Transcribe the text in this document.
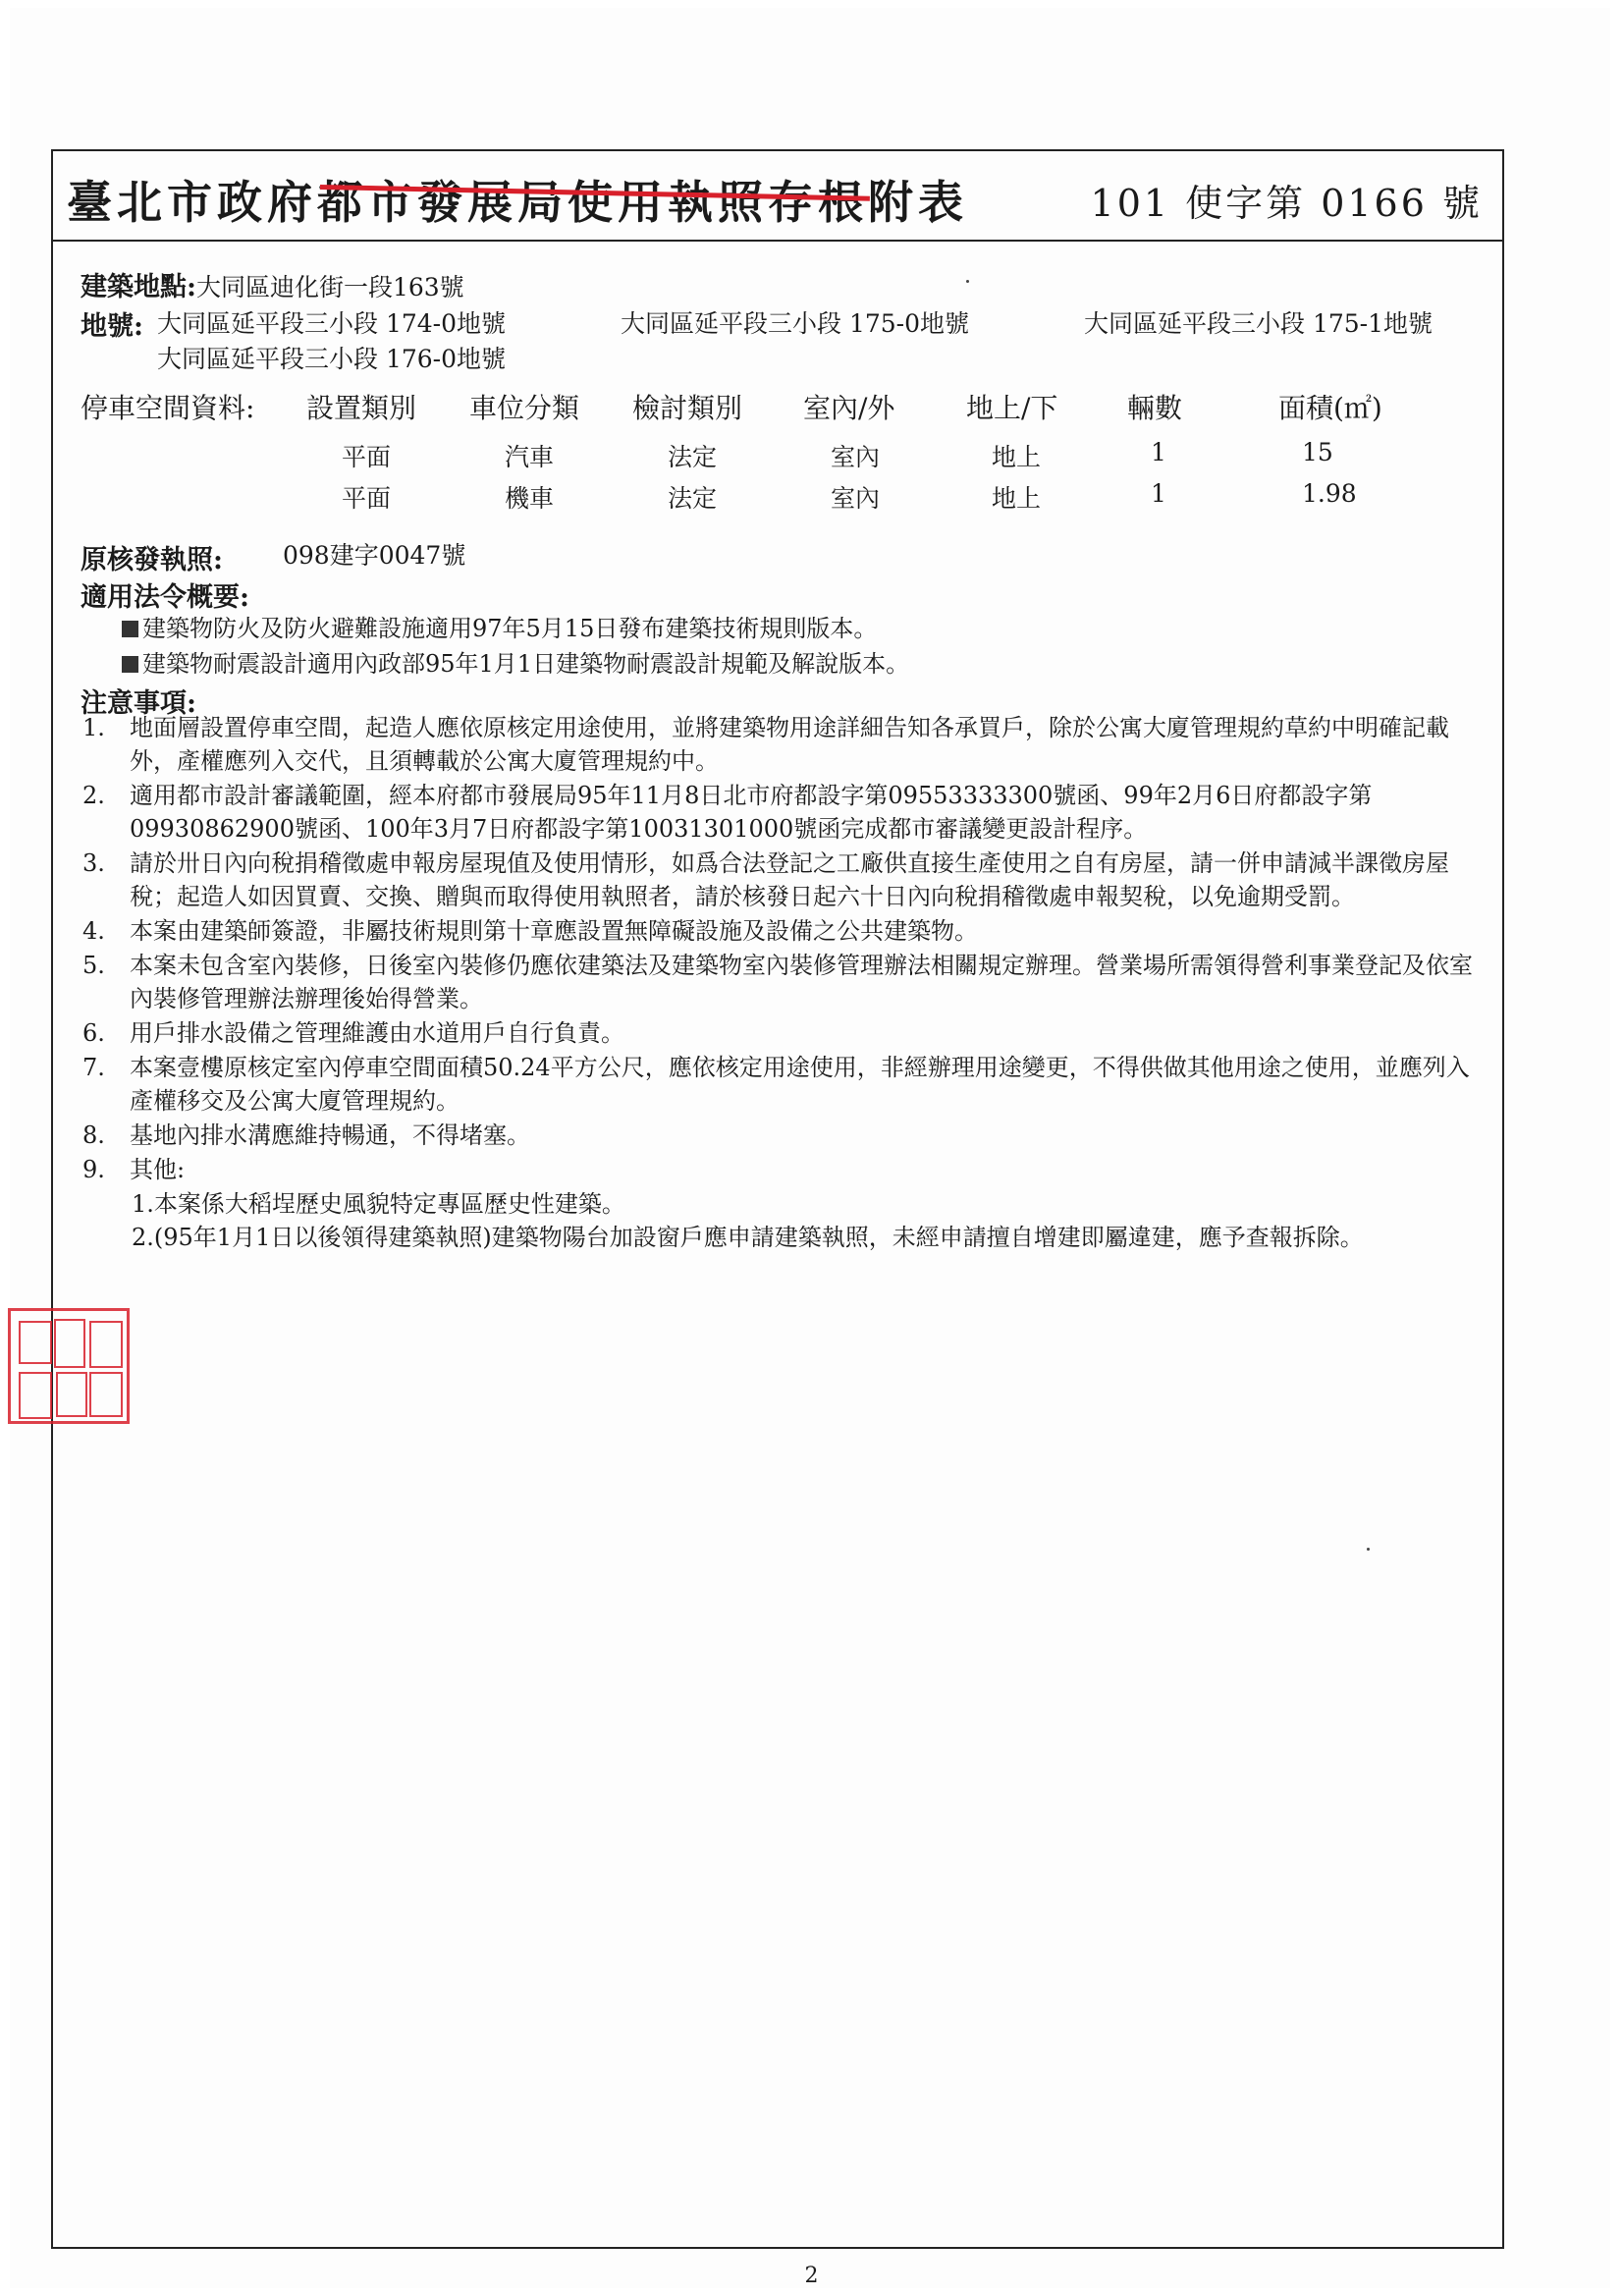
臺北市政府都市發展局使用執照存根附表	101 使字第 0166 號
建築地點:大同區迪化街一段163號
地號: 大同區延平段三小段 174-0地號	大同區延平段三小段 175-0地號	大同區延平段三小段 175-1地號
大同區延平段三小段 176-0地號
停車空間資料: 設置類別 車位分類 檢討類別 室內/外	地上/下	輛數	面積(㎡)
平面	汽車	法定	室內	地上	1	15
平面	機車	法定	室內	地上	1	1.98
原核發執照: 098建字0047號
適用法令概要:
建築物防火及防火避難設施適用97年5月15日發布建築技術規則版本。
建築物耐震設計適用內政部95年1月1日建築物耐震設計規範及解說版本。
注意事項:
1.	地面層設置停車空間，起造人應依原核定用途使用，並將建築物用途詳細告知各承買戶，除於公寓大廈管理規約草約中明確記載外，產權應列入交代，且須轉載於公寓大廈管理規約中。
2.	適用都市設計審議範圍，經本府都市發展局95年11月8日北市府都設字第09553333300號函、99年2月6日府都設字第09930862900號函、100年3月7日府都設字第10031301000號函完成都市審議變更設計程序。
3.	請於卅日內向稅捐稽徵處申報房屋現值及使用情形，如爲合法登記之工廠供直接生產使用之自有房屋，請一併申請減半課徵房屋稅；起造人如因買賣、交換、贈與而取得使用執照者，請於核發日起六十日內向稅捐稽徵處申報契稅，以免逾期受罰。
4.	本案由建築師簽證，非屬技術規則第十章應設置無障礙設施及設備之公共建築物。
5.	本案未包含室內裝修，日後室內裝修仍應依建築法及建築物室內裝修管理辦法相關規定辦理。營業場所需領得營利事業登記及依室內裝修管理辦法辦理後始得營業。
6.	用戶排水設備之管理維護由水道用戶自行負責。
7.	本案壹樓原核定室內停車空間面積50.24平方公尺，應依核定用途使用，非經辦理用途變更，不得供做其他用途之使用，並應列入產權移交及公寓大廈管理規約。
8.	基地內排水溝應維持暢通，不得堵塞。
9.	其他:
1.本案係大稻埕歷史風貌特定專區歷史性建築。
2.(95年1月1日以後領得建築執照)建築物陽台加設窗戶應申請建築執照，未經申請擅自增建即屬違建，應予查報拆除。
2
